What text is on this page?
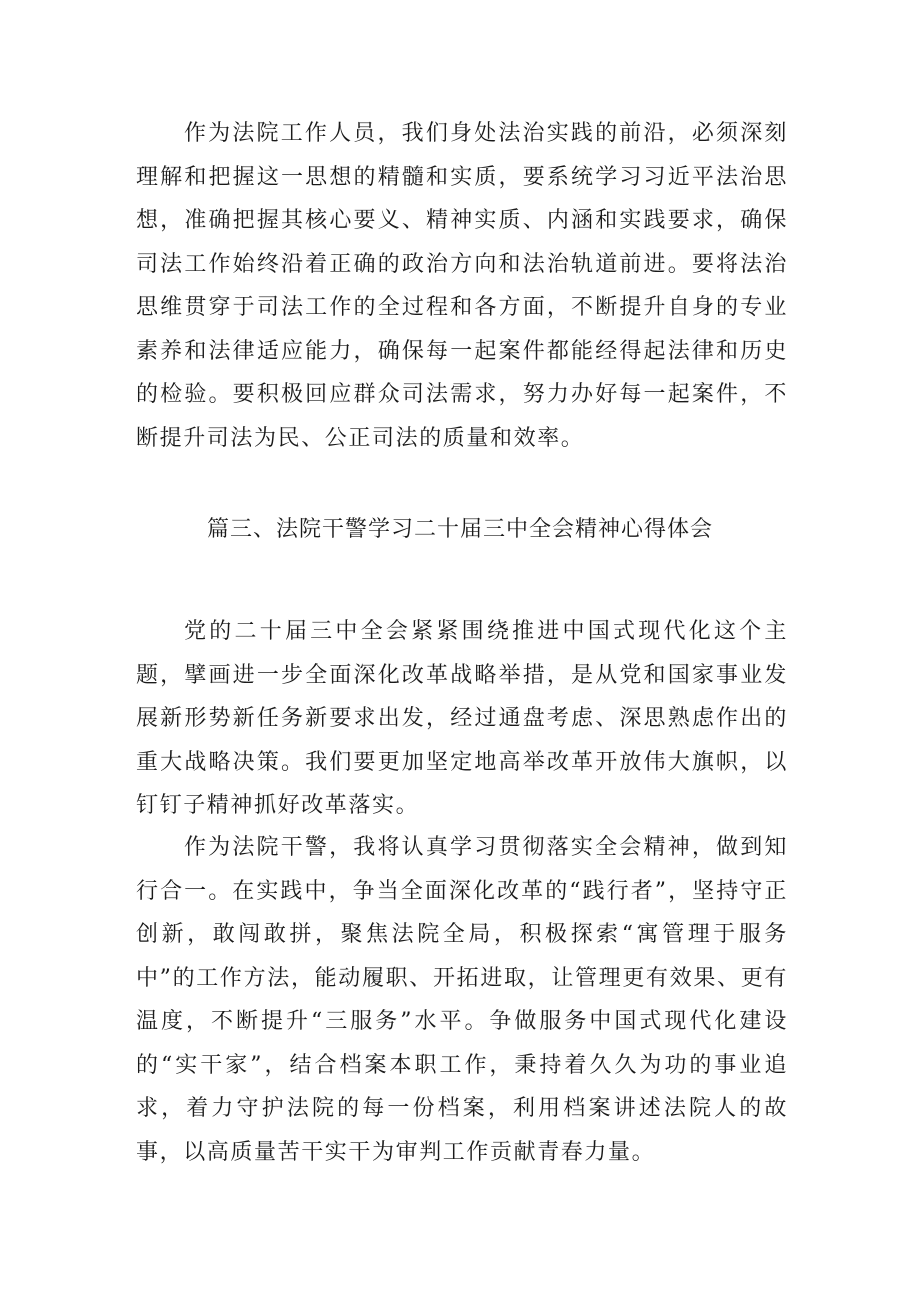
作为法院工作人员，我们身处法治实践的前沿，必须深刻理解和把握这一思想的精髓和实质，要系统学习习近平法治思想，准确把握其核心要义、精神实质、内涵和实践要求，确保司法工作始终沿着正确的政治方向和法治轨道前进。要将法治思维贯穿于司法工作的全过程和各方面，不断提升自身的专业素养和法律适应能力，确保每一起案件都能经得起法律和历史的检验。要积极回应群众司法需求，努力办好每一起案件，不断提升司法为民、公正司法的质量和效率。

篇三、法院干警学习二十届三中全会精神心得体会

党的二十届三中全会紧紧围绕推进中国式现代化这个主题，擘画进一步全面深化改革战略举措，是从党和国家事业发展新形势新任务新要求出发，经过通盘考虑、深思熟虑作出的重大战略决策。我们要更加坚定地高举改革开放伟大旗帜，以钉钉子精神抓好改革落实。

作为法院干警，我将认真学习贯彻落实全会精神，做到知行合一。在实践中，争当全面深化改革的“践行者”，坚持守正创新，敢闯敢拼，聚焦法院全局，积极探索“寓管理于服务中”的工作方法，能动履职、开拓进取，让管理更有效果、更有温度，不断提升“三服务”水平。争做服务中国式现代化建设的“实干家”，结合档案本职工作，秉持着久久为功的事业追求，着力守护法院的每一份档案，利用档案讲述法院人的故事，以高质量苦干实干为审判工作贡献青春力量。
